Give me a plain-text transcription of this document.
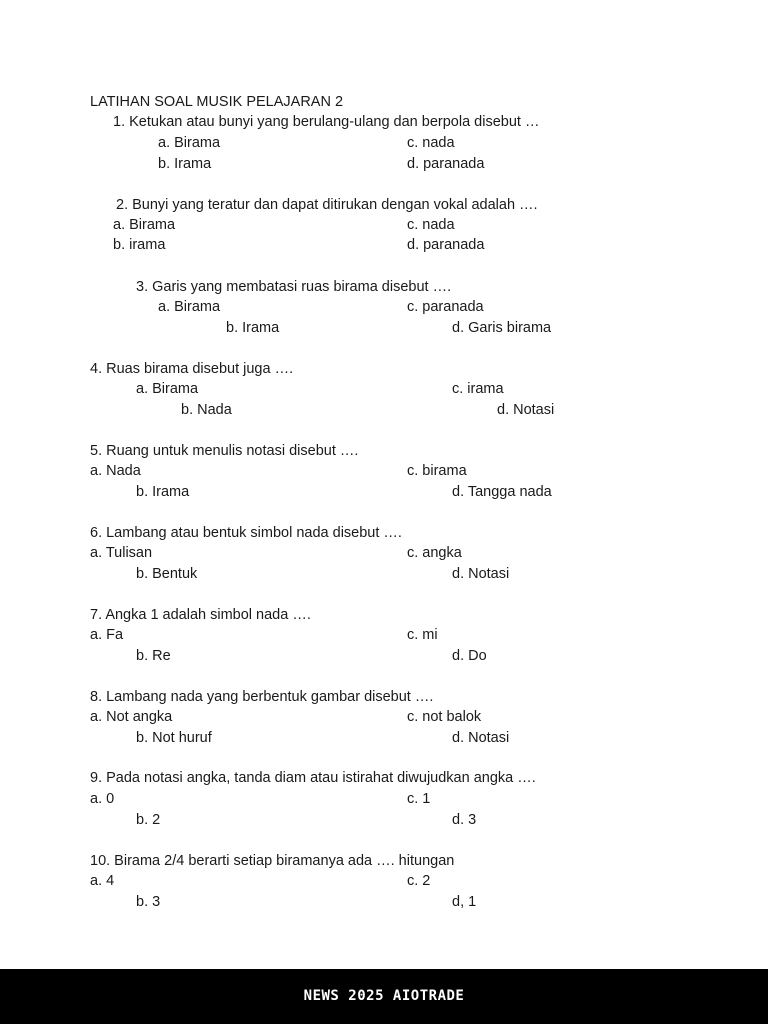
LATIHAN SOAL MUSIK PELAJARAN 2
1. Ketukan atau bunyi yang berulang-ulang dan berpola disebut …
a. Birama
b. Irama
c. nada
d. paranada
2. Bunyi yang teratur dan dapat ditirukan dengan vokal adalah ….
a. Birama
b. irama
c. nada
d. paranada
3. Garis yang membatasi ruas birama disebut ….
a. Birama
b. Irama
c. paranada
d. Garis birama
4. Ruas birama disebut juga ….
a. Birama
b. Nada
c. irama
d. Notasi
5. Ruang untuk menulis notasi disebut ….
a. Nada
b. Irama
c. birama
d. Tangga nada
6. Lambang atau bentuk simbol nada disebut ….
a. Tulisan
b. Bentuk
c. angka
d. Notasi
7. Angka 1 adalah simbol nada ….
a. Fa
b. Re
c. mi
d. Do
8. Lambang nada yang berbentuk gambar disebut ….
a. Not angka
b. Not huruf
c. not balok
d. Notasi
9. Pada notasi angka, tanda diam atau istirahat diwujudkan angka ….
a. 0
b. 2
c. 1
d. 3
10. Birama 2/4 berarti setiap biramanya ada …. hitungan
a. 4
b. 3
c. 2
d, 1
NEWS 2025 AIOTRADE
